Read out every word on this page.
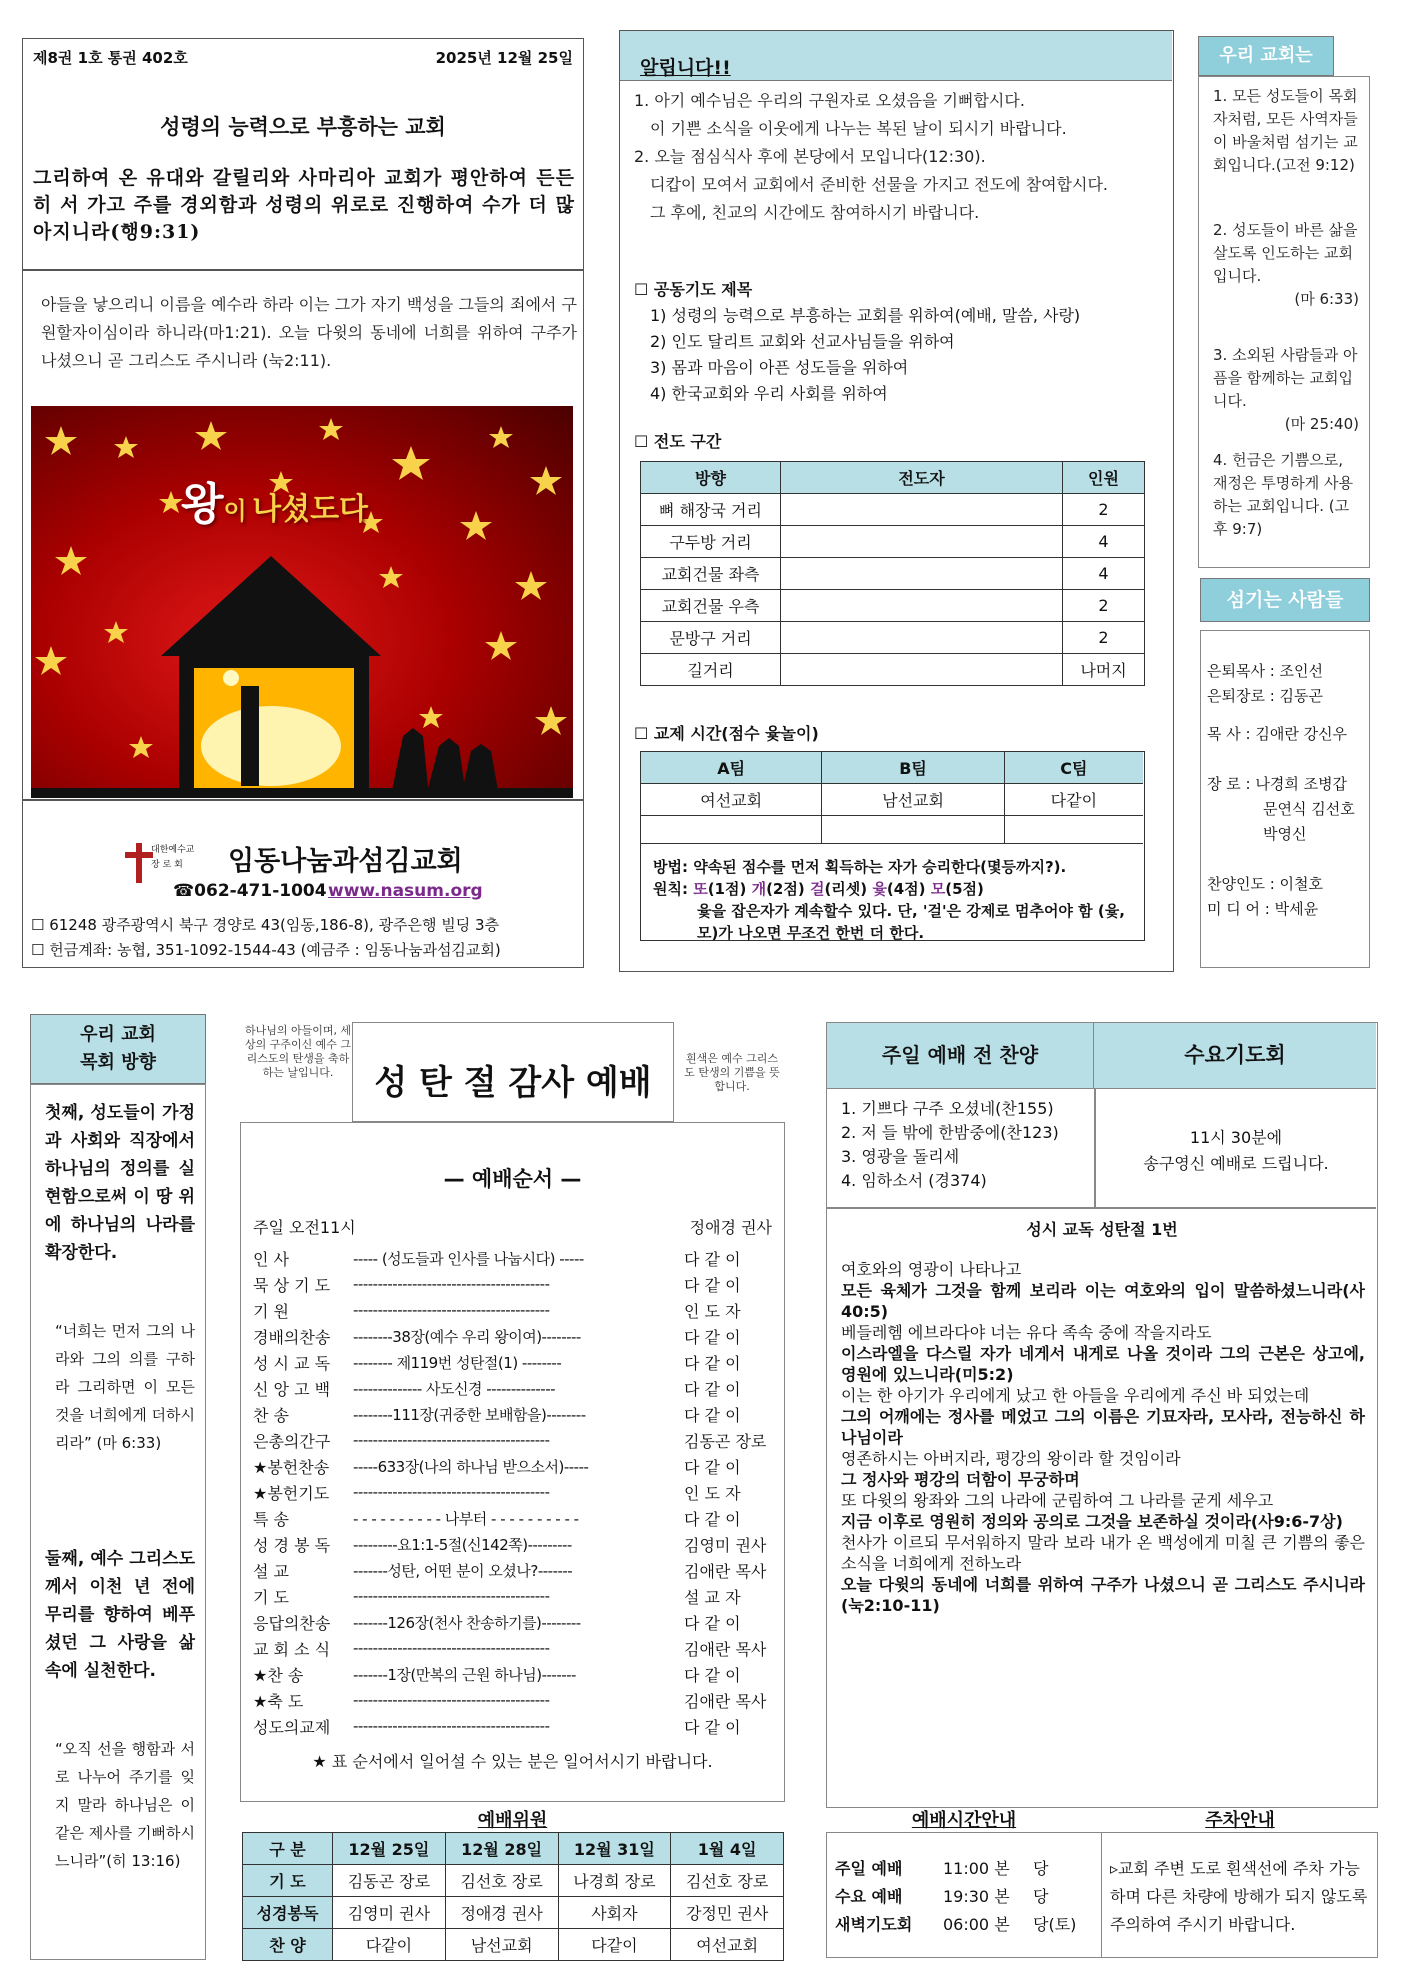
제8권 1호 통권 402호	2025년 12월 25일
성령의 능력으로 부흥하는 교회
그리하여 온 유대와 갈릴리와 사마리아 교회가 평안하여 든든히 서 가고 주를 경외함과 성령의 위로로 진행하여 수가 더 많아지니라(행9:31)
아들을 낳으리니 이름을 예수라 하라 이는 그가 자기 백성을 그들의 죄에서 구원할자이심이라 하니라(마1:21). 오늘 다윗의 동네에 너희를 위하여 구주가 나셨으니 곧 그리스도 주시니라 (눅2:11).
왕이 나셨도다
대한예수교
장 로 회 임동나눔과섬김교회
☎062-471-1004 www.nasum.org
☐ 61248 광주광역시 북구 경양로 43(임동,186-8), 광주은행 빌딩 3층
☐ 헌금계좌: 농협, 351-1092-1544-43 (예금주 : 임동나눔과섬김교회)
알립니다!!
1. 아기 예수님은 우리의 구원자로 오셨음을 기뻐합시다.
이 기쁜 소식을 이웃에게 나누는 복된 날이 되시기 바랍니다.
2. 오늘 점심식사 후에 본당에서 모입니다(12:30).
디캅이 모여서 교회에서 준비한 선물을 가지고 전도에 참여합시다.
그 후에, 친교의 시간에도 참여하시기 바랍니다.
☐ 공동기도 제목
1) 성령의 능력으로 부흥하는 교회를 위하여(예배, 말씀, 사랑)
2) 인도 달리트 교회와 선교사님들을 위하여
3) 몸과 마음이 아픈 성도들을 위하여
4) 한국교회와 우리 사회를 위하여
☐ 전도 구간
방향	전도자	인원
뼈 해장국 거리		2
구두방 거리		4
교회건물 좌측		4
교회건물 우측		2
문방구 거리		2
길거리		나머지
☐ 교제 시간(점수 윷놀이)
A팀	B팀	C팀
여선교회	남선교회	다같이

방법: 약속된 점수를 먼저 획득하는 자가 승리한다(몇등까지?).
원칙: 또(1점) 개(2점) 걸(리셋) 윷(4점) 모(5점)
윷을 잡은자가 계속할수 있다. 단, '걸'은 강제로 멈추어야 함 (윷, 모)가 나오면 무조건 한번 더 한다.
우리 교회는
1. 모든 성도들이 목회자처럼, 모든 사역자들이 바울처럼 섬기는 교회입니다.(고전 9:12)
2. 성도들이 바른 삶을 살도록 인도하는 교회입니다.
(마 6:33)
3. 소외된 사람들과 아픔을 함께하는 교회입니다.
(마 25:40)
4. 헌금은 기쁨으로, 재정은 투명하게 사용하는 교회입니다. (고후 9:7)
섬기는 사람들
은퇴목사 : 조인선
은퇴장로 : 김동곤
목 사 : 김애란 강신우
장 로 : 나경희 조병갑
문연식 김선호
박영신
찬양인도 : 이철호
미 디 어 : 박세윤
우리 교회
목회 방향
첫째, 성도들이 가정과 사회와 직장에서 하나님의 정의를 실현함으로써 이 땅 위에 하나님의 나라를 확장한다.
“너희는 먼저 그의 나라와 그의 의를 구하라 그리하면 이 모든 것을 너희에게 더하시리라” (마 6:33)
둘째, 예수 그리스도께서 이천 년 전에 무리를 향하여 베푸셨던 그 사랑을 삶 속에 실천한다.
“오직 선을 행함과 서로 나누어 주기를 잊지 말라 하나님은 이 같은 제사를 기뻐하시느니라”(히 13:16)
하나님의 아들이며, 세상의 구주이신 예수 그리스도의 탄생을 축하하는 날입니다.	성 탄 절 감사 예배
흰색은 예수 그리스도 탄생의 기쁨을 뜻합니다.
— 예배순서 —
주일 오전11시	정애경 권사
인 사	----- (성도들과 인사를 나눕시다) -----	다 같 이
묵 상 기 도	----------------------------------------	다 같 이
기 원	----------------------------------------	인 도 자
경배의찬송	--------38장(예수 우리 왕이여)--------	다 같 이
성 시 교 독	-------- 제119번 성탄절(1) --------	다 같 이
신 앙 고 백	-------------- 사도신경 --------------	다 같 이
찬 송	--------111장(귀중한 보배함을)--------	다 같 이
은총의간구	----------------------------------------	김동곤 장로
★봉헌찬송	-----633장(나의 하나님 받으소서)-----	다 같 이
★봉헌기도	----------------------------------------	인 도 자
특 송	- - - - - - - - - - 나부터 - - - - - - - - - -	다 같 이
성 경 봉 독	---------요1:1-5절(신142쪽)---------	김영미 권사
설 교	-------성탄, 어떤 분이 오셨나?-------	김애란 목사
기 도	----------------------------------------	설 교 자
응답의찬송	-------126장(천사 찬송하기를)--------	다 같 이
교 회 소 식	----------------------------------------	김애란 목사
★찬 송	-------1장(만복의 근원 하나님)-------	다 같 이
★축 도	----------------------------------------	김애란 목사
성도의교제	----------------------------------------	다 같 이
★ 표 순서에서 일어설 수 있는 분은 일어서시기 바랍니다.
예배위원
구 분	12월 25일	12월 28일	12월 31일	1월 4일
기 도	김동곤 장로	김선호 장로	나경희 장로	김선호 장로
성경봉독	김영미 권사	정애경 권사	사회자	강정민 권사
찬 양	다같이	남선교회	다같이	여선교회
주일 예배 전 찬양	수요기도회
1. 기쁘다 구주 오셨네(찬155)
2. 저 들 밖에 한밤중에(찬123)
3. 영광을 돌리세
4. 임하소서 (경374)
11시 30분에
송구영신 예배로 드립니다.
성시 교독 성탄절 1번
여호와의 영광이 나타나고
모든 육체가 그것을 함께 보리라 이는 여호와의 입이 말씀하셨느니라(사40:5)
베들레헴 에브라다야 너는 유다 족속 중에 작을지라도
이스라엘을 다스릴 자가 네게서 내게로 나올 것이라 그의 근본은 상고에, 영원에 있느니라(미5:2)
이는 한 아기가 우리에게 났고 한 아들을 우리에게 주신 바 되었는데
그의 어깨에는 정사를 메었고 그의 이름은 기묘자라, 모사라, 전능하신 하나님이라
영존하시는 아버지라, 평강의 왕이라 할 것임이라
그 정사와 평강의 더함이 무궁하며
또 다윗의 왕좌와 그의 나라에 군림하여 그 나라를 굳게 세우고
지금 이후로 영원히 정의와 공의로 그것을 보존하실 것이라(사9:6-7상)
천사가 이르되 무서워하지 말라 보라 내가 온 백성에게 미칠 큰 기쁨의 좋은 소식을 너희에게 전하노라
오늘 다윗의 동네에 너희를 위하여 구주가 나셨으니 곧 그리스도 주시니라(눅2:10-11)
예배시간안내
주일 예배	11:00 본 당
수요 예배	19:30 본 당
새벽기도회 06:00 본 당(토)
주차안내
▹교회 주변 도로 흰색선에 주차 가능하며 다른 차량에 방해가 되지 않도록 주의하여 주시기 바랍니다.
